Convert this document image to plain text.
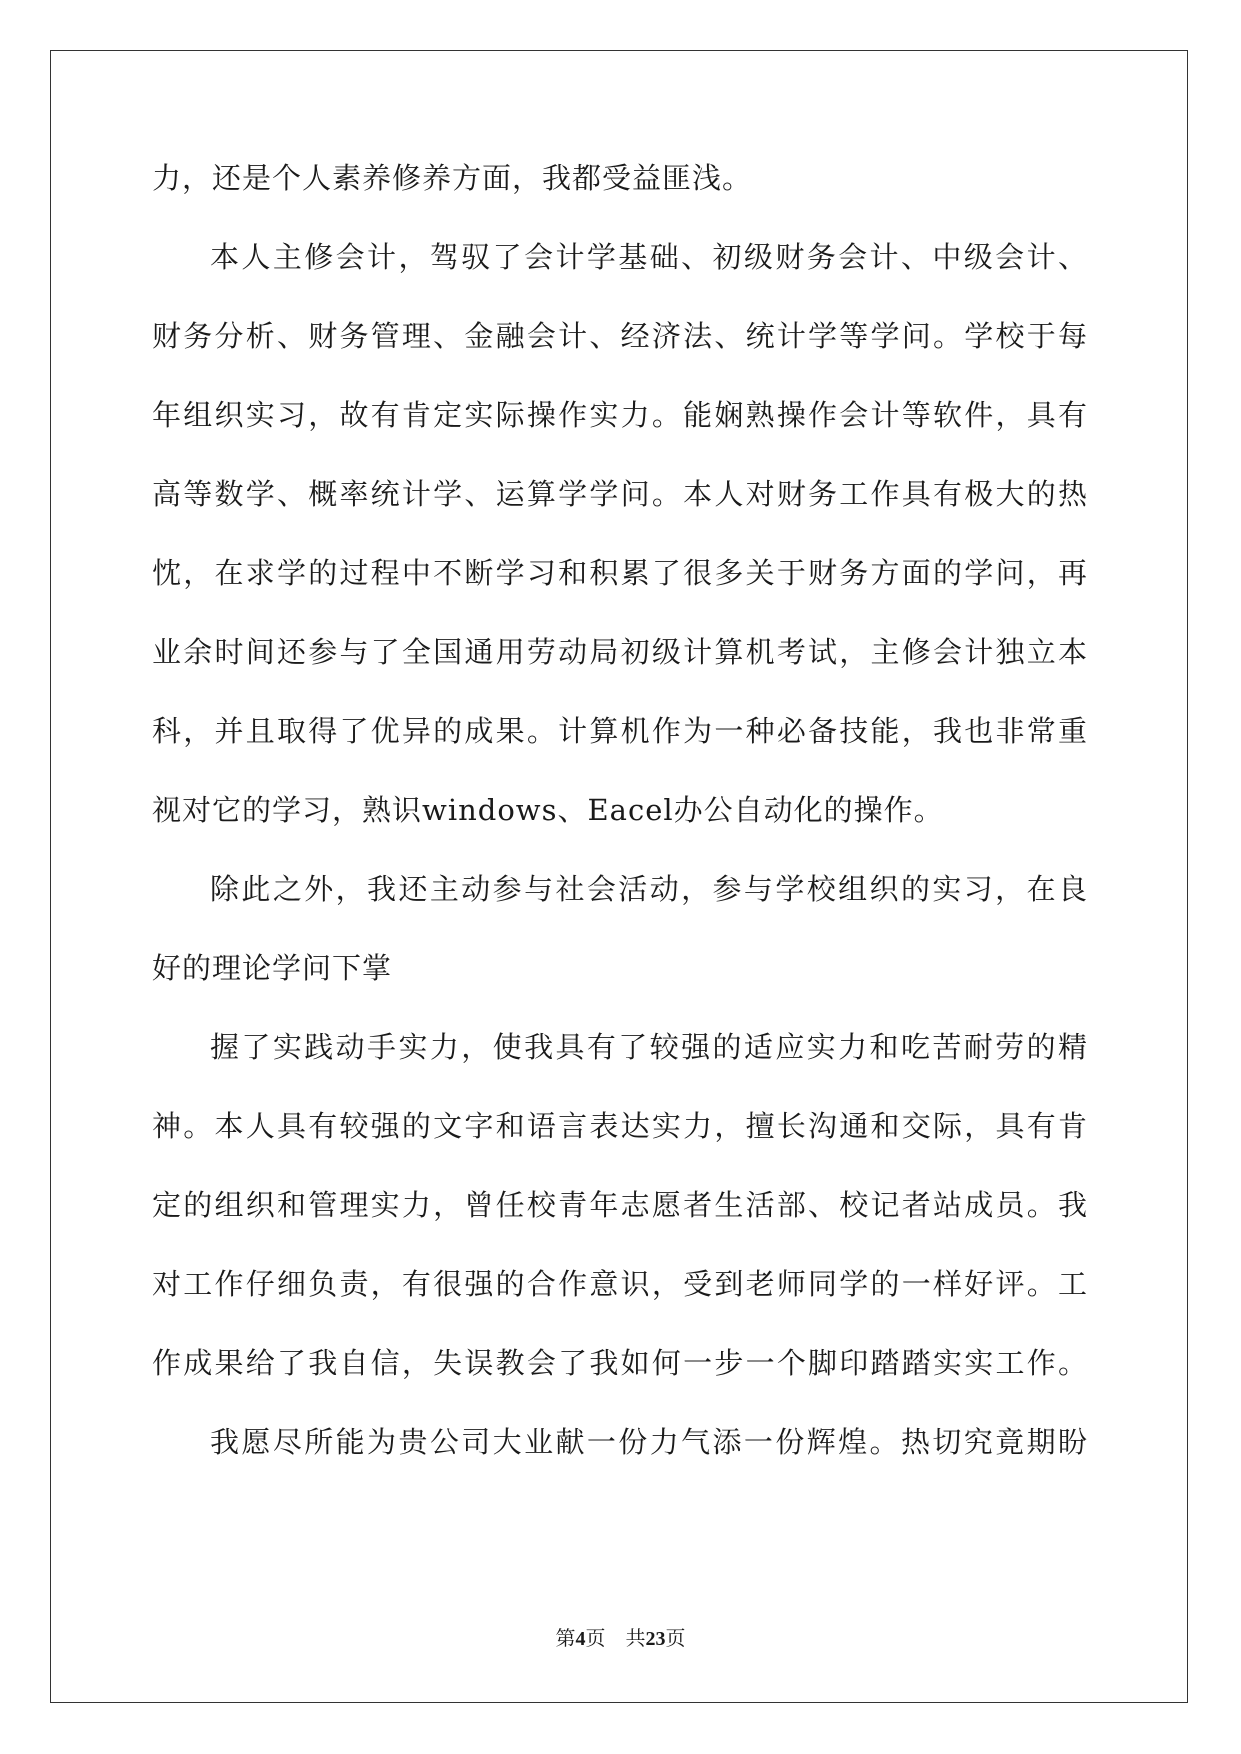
力，还是个人素养修养方面，我都受益匪浅。
本人主修会计，驾驭了会计学基础、初级财务会计、中级会计、
财务分析、财务管理、金融会计、经济法、统计学等学问。学校于每
年组织实习，故有肯定实际操作实力。能娴熟操作会计等软件，具有
高等数学、概率统计学、运算学学问。本人对财务工作具有极大的热
忱，在求学的过程中不断学习和积累了很多关于财务方面的学问，再
业余时间还参与了全国通用劳动局初级计算机考试，主修会计独立本
科，并且取得了优异的成果。计算机作为一种必备技能，我也非常重
视对它的学习，熟识windows、Eacel办公自动化的操作。
除此之外，我还主动参与社会活动，参与学校组织的实习，在良
好的理论学问下掌
握了实践动手实力，使我具有了较强的适应实力和吃苦耐劳的精
神。本人具有较强的文字和语言表达实力，擅长沟通和交际，具有肯
定的组织和管理实力，曾任校青年志愿者生活部、校记者站成员。我
对工作仔细负责，有很强的合作意识，受到老师同学的一样好评。工
作成果给了我自信，失误教会了我如何一步一个脚印踏踏实实工作。
我愿尽所能为贵公司大业献一份力气添一份辉煌。热切究竟期盼
第4页 共23页
